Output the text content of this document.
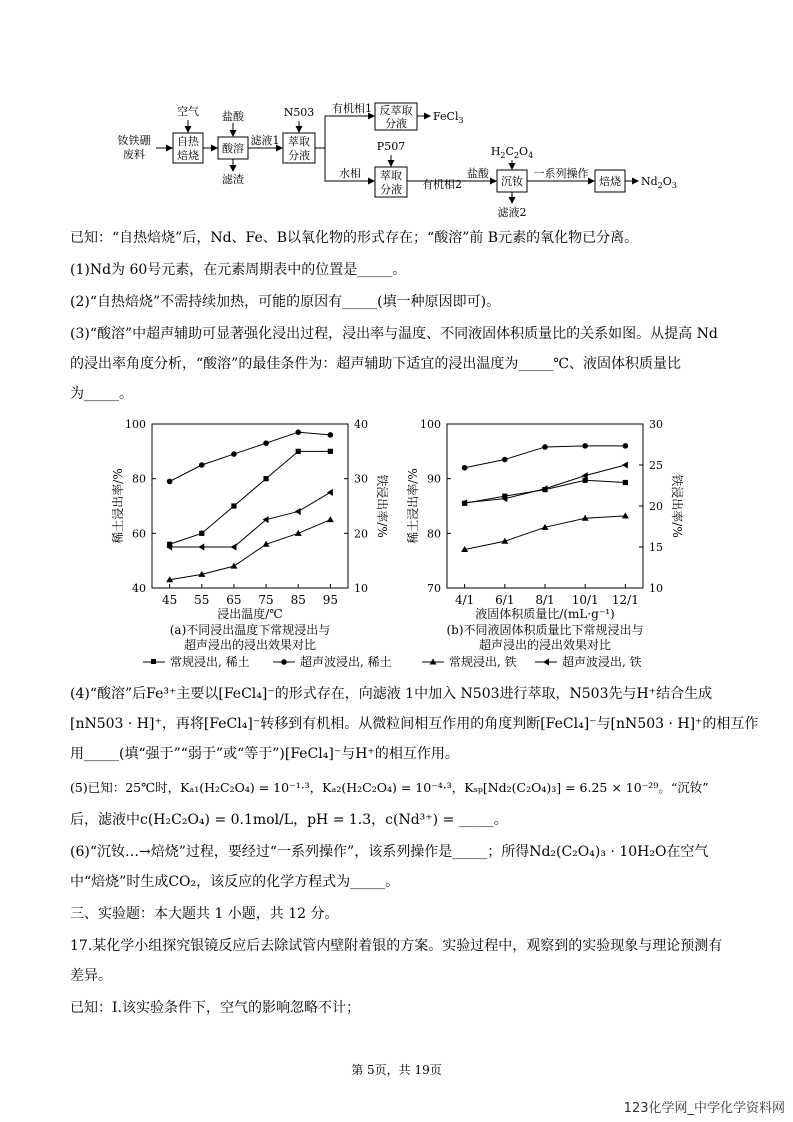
钕铁硼
废料
空气
自热
焙烧
盐酸
酸溶
滤渣
滤液1
N503
萃取
分液
有机相1 反萃取
分液
FeCl$_3$
水相
P507
萃取
分液 有机相2
盐酸
$H_2C_2O_4$
沉钕
滤液2
一系列操作
焙烧 $Nd_2O_3$
已知：“自热焙烧”后，Nd、Fe、B以氧化物的形式存在；“酸溶”前 B元素的氧化物已分离。
(1)Nd为 60号元素，在元素周期表中的位置是_____。
(2)“自热焙烧”不需持续加热，可能的原因有_____(填一种原因即可)。
(3)“酸溶”中超声辅助可显著强化浸出过程，浸出率与温度、不同液固体积质量比的关系如图。从提高 Nd
的浸出率角度分析，“酸溶”的最佳条件为：超声辅助下适宜的浸出温度为_____℃、液固体积质量比
为_____。
40
60
80
100
10
20
30
40
45 55 65 75 85 95
浸出温度/℃
稀土浸出率/%	铁浸出率/%
(a)不同浸出温度下常规浸出与
超声浸出的浸出效果对比
70
80
90
100
10
15
20
25
30
4/1 6/1 8/1 10/1 12/1
液固体积质量比/(mL·g⁻¹)
稀土浸出率/%	铁浸出率/%
(b)不同液固体积质量比下常规浸出与
超声浸出的浸出效果对比
常规浸出, 稀土	超声波浸出, 稀土	常规浸出, 铁	超声波浸出, 铁
(4)“酸溶”后Fe³⁺主要以[FeCl₄]⁻的形式存在，向滤液 1中加入 N503进行萃取，N503先与H⁺结合生成
[nN503 · H]⁺，再将[FeCl₄]⁻转移到有机相。从微粒间相互作用的角度判断[FeCl₄]⁻与[nN503 · H]⁺的相互作
用_____(填“强于”“弱于”或“等于”)[FeCl₄]⁻与H⁺的相互作用。
(5)已知：25℃时，Kₐ₁(H₂C₂O₄) = 10⁻¹·³，Kₐ₂(H₂C₂O₄) = 10⁻⁴·³，Kₛₚ[Nd₂(C₂O₄)₃] = 6.25 × 10⁻²⁹。“沉钕”
后，滤液中c(H₂C₂O₄) = 0.1mol/L，pH = 1.3，c(Nd³⁺) = _____。
(6)“沉钕…→焙烧”过程，要经过“一系列操作”，该系列操作是_____；所得Nd₂(C₂O₄)₃ · 10H₂O在空气
中“焙烧”时生成CO₂，该反应的化学方程式为_____。
三、实验题：本大题共 1 小题，共 12 分。
17.某化学小组探究银镜反应后去除试管内壁附着银的方案。实验过程中，观察到的实验现象与理论预测有
差异。
已知：Ⅰ.该实验条件下，空气的影响忽略不计；
第 5页，共 19页
123化学网_中学化学资料网
